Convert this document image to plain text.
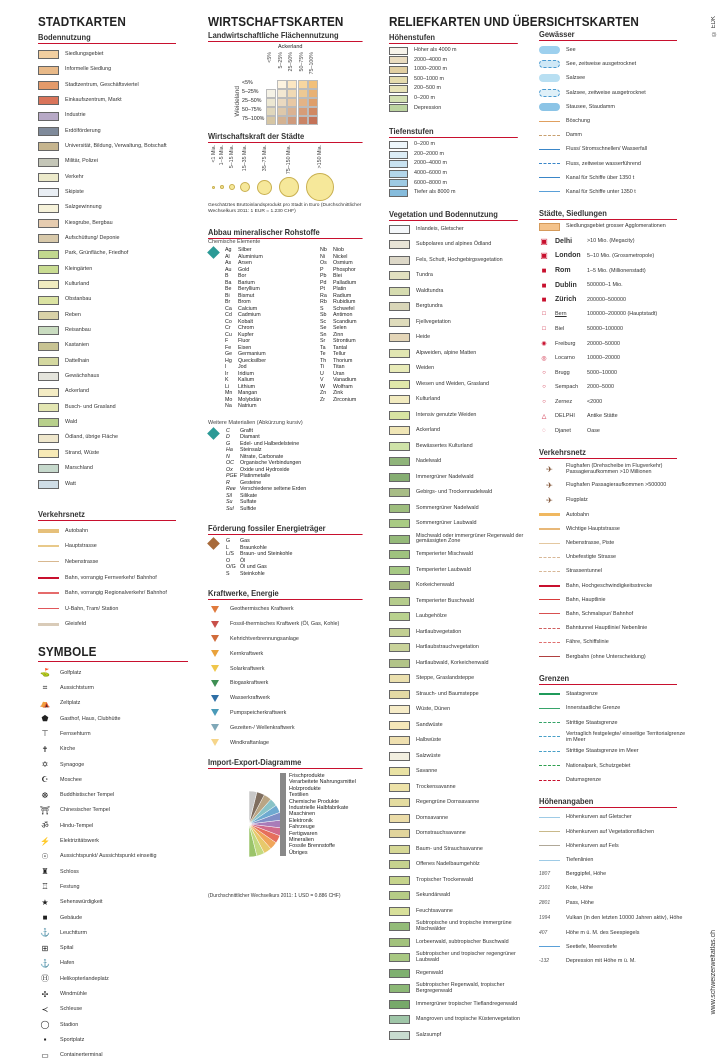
STADTKARTEN
Bodennutzung
Siedlungsgebiet
Informelle Siedlung
Stadtzentrum, Geschäftsviertel
Einkaufszentrum, Markt
Industrie
Erdölförderung
Universität, Bildung, Verwaltung, Botschaft
Militär, Polizei
Verkehr
Skipiste
Salzgewinnung
Kiesgrube, Bergbau
Aufschüttung/ Deponie
Park, Grünfläche, Friedhof
Kleingärten
Kulturland
Obstanbau
Reben
Reisanbau
Kastanien
Dattelhain
Gewächshaus
Ackerland
Busch- und Grasland
Wald
Ödland, übrige Fläche
Strand, Wüste
Marschland
Watt
Verkehrsnetz
Autobahn
Hauptstrasse
Nebenstrasse
Bahn, vorrangig Fernverkehr/ Bahnhof
Bahn, vorrangig Regionalverkehr/ Bahnhof
U-Bahn, Tram/ Station
Gleisfeld
SYMBOLE
⛳	Golfplatz
⌗	Aussichtsturm
⛺	Zeltplatz
⬟	Gasthof, Haus, Clubhütte
⊤	Fernsehturm
✝	Kirche
✡	Synagoge
☪	Moschee
☸	Buddhistischer Tempel
⛩	Chinesischer Tempel
ॐ	Hindu-Tempel
⚡	Elektrizitätswerk
☉	Aussichtspunkt/ Aussichtspunkt einseitig
♜	Schloss
♖	Festung
★	Sehenswürdigkeit
■	Gebäude
⚓	Leuchtturm
⊞	Spital
⚓	Hafen
Ⓗ	Helikopterlandeplatz
✣	Windmühle
≺	Schleuse
◯	Stadion
▪	Sportplatz
▭	Containerterminal
WIRTSCHAFTSKARTEN
Landwirtschaftliche Flächennutzung
Ackerland
<5% 5–25% 25–50% 50–75% 75–100%
Weideland
<5%
5–25%
25–50%
50–75%
75–100%
Wirtschaftskraft der Städte
<1 Mia. 1–5 Mia. 5–15 Mia. 15–35 Mia.	35–75 Mia.	75–150 Mia.	>150 Mia.
Geschätztes Bruttoinlandsprodukt pro Stadt in Euro (Durchschnittlicher Wechselkurs 2011: 1 EUR = 1.230 CHF)
Abbau mineralischer Rohstoffe
Chemische Elemente
Ag	Silber	Nb	Niob
Al	Aluminium	Ni	Nickel
As	Arsen	Os	Osmium
Au	Gold	P	Phosphor
B	Bor	Pb	Blei
Ba	Barium	Pd	Palladium
Be	Beryllium	Pt	Platin
Bi	Bismut	Ra	Radium
Br	Brom	Rb	Rubidium
Ca	Calcium	S	Schwefel
Cd	Cadmium	Sb	Antimon
Co	Kobalt	Sc	Scandium
Cr	Chrom	Se	Selen
Cu	Kupfer	Sn	Zinn
F	Fluor	Sr	Strontium
Fe	Eisen	Ta	Tantal
Ge	Germanium	Te	Tellur
Hg	Quecksilber	Th	Thorium
I	Jod	Ti	Titan
Ir	Iridium	U	Uran
K	Kalium	V	Vanadium
Li	Lithium	W	Wolfram
Mn	Mangan	Zn	Zink
Mo	Molybdän	Zr	Zirconium
Na	Natrium
Weitere Materialien (Abkürzung kursiv)
C	Grafit
D	Diamant
G	Edel- und Halbedelsteine
Ha	Steinsalz
N	Nitrate, Carbonate
OC	Organische Verbindungen
Ox	Oxide und Hydroxide
PGE Platinmetalle
R	Gesteine
Ree Verschiedene seltene Erden
Sil	Silikate
Su	Sulfate
Sul	Sulfide
Förderung fossiler Energieträger
G	Gas
L	Braunkohle
L/S	Braun- und Steinkohle
O	Öl
O/G Öl und Gas
S	Steinkohle
Kraftwerke, Energie
Geothermisches Kraftwerk
Fossil-thermisches Kraftwerk (Öl, Gas, Kohle)
Kehrichtverbrennungsanlage
Kernkraftwerk
Solarkraftwerk
Biogaskraftwerk
Wasserkraftwerk
Pumpspeicherkraftwerk
Gezeiten-/ Wellenkraftwerk
Windkraftanlage
Import-Export-Diagramme
Frischprodukte
Verarbeitete Nahrungsmittel
Holzprodukte
Textilien
Chemische Produkte
Industrielle Halbfabrikate
Maschinen
Elektronik
Fahrzeuge
Fertigwaren
Mineralien
Fossile Brennstoffe
Übriges
(Durchschnittlicher Wechselkurs 2011: 1 USD = 0.886 CHF)
RELIEFKARTEN UND ÜBERSICHTSKARTEN
Höhenstufen
Höher als 4000 m
2000–4000 m
1000–2000 m
500–1000 m
200–500 m
0–200 m
Depression
Tiefenstufen
0–200 m
200–2000 m
2000–4000 m
4000–6000 m
6000–8000 m
Tiefer als 8000 m
Vegetation und Bodennutzung
Inlandeis, Gletscher
Subpolares und alpines Ödland
Fels, Schutt, Hochgebirgsvegetation
Tundra
Waldtundra
Bergtundra
Fjellvegetation
Heide
Alpweiden, alpine Matten
Weiden
Wiesen und Weiden, Grasland
Kulturland
Intensiv genutzte Weiden
Ackerland
Bewässertes Kulturland
Nadelwald
Immergrüner Nadelwald
Gebirgs- und Trockennadelwald
Sommergrüner Nadelwald
Sommergrüner Laubwald
Mischwald oder immergrüner Regenwald der gemässigten Zone
Temperierter Mischwald
Temperierter Laubwald
Korkeichenwald
Temperierter Buschwald
Laubgehölze
Hartlaubvegetation
Hartlaubstrauchvegetation
Hartlaubwald, Korkeichenwald
Steppe, Graslandsteppe
Strauch- und Baumsteppe
Wüste, Dünen
Sandwüste
Halbwüste
Salzwüste
Savanne
Trockensavanne
Regengrüne Dornsavanne
Dornsavanne
Dornstrauchsavanne
Baum- und Strauchsavanne
Offenes Nadelbaumgehölz
Tropischer Trockenwald
Sekundärwald
Feuchtsavanne
Subtropische und tropische immergrüne Mischwälder
Lorbeerwald, subtropischer Buschwald
Subtropischer und tropischer regengrüner Laubwald
Regenwald
Subtropischer Regenwald, tropischer Bergregenwald
Immergrüner tropischer Tieflandregenwald
Mangroven und tropische Küstenvegetation
Salzsumpf
Gewässer
See
See, zeitweise ausgetrocknet
Salzsee
Salzsee, zeitweise ausgetrocknet
Stausee, Staudamm
Böschung
Damm
Fluss/ Stromschnellen/ Wasserfall
Fluss, zeitweise wasserführend
Kanal für Schiffe über 1350 t
Kanal für Schiffe unter 1350 t
Städte, Siedlungen
Siedlungsgebiet grosser Agglomerationen
▣ Delhi	>10 Mio. (Megacity)
▣ London	5–10 Mio. (Grossmetropole)
■	Rom	1–5 Mio. (Millionenstadt)
■	Dublin	500000–1 Mio.
■	Zürich	200000–500000
□	Bern	100000–200000 (Hauptstadt)
□	Biel	50000–100000
◉	Freiburg	20000–50000
◎	Locarno	10000–20000
○	Brugg	5000–10000
○	Sempach	2000–5000
○	Zernez	<2000
△	DELPHI	Antike Stätte
◌	Djanet	Oase
Verkehrsnetz
✈	Flughafen (Drehscheibe im Flugverkehr) Passagieraufkommen >10 Millionen
✈	Flughafen Passagieraufkommen >500000
✈	Flugplatz
Autobahn
Wichtige Hauptstrasse
Nebenstrasse, Piste
Unbefestigte Strasse
Strassentunnel
Bahn, Hochgeschwindigkeitsstrecke
Bahn, Hauptlinie
Bahn, Schmalspur/ Bahnhof
Bahntunnel Hauptlinie/ Nebenlinie
Fähre, Schiffslinie
Bergbahn (ohne Unterscheidung)
Grenzen
Staatsgrenze
Innerstaatliche Grenze
Strittige Staatsgrenze
Vertraglich festgelegte/ einseitige Territorialgrenze im Meer
Strittige Staatsgrenze im Meer
Nationalpark, Schutzgebiet
Datumsgrenze
Höhenangaben
Höhenkurven auf Gletscher
Höhenkurven auf Vegetationsflächen
Höhenkurven auf Fels
Tiefenlinien
1807	Berggipfel, Höhe
2101	Kote, Höhe
2801	Pass, Höhe
1994	Vulkan (in den letzten 10000 Jahren aktiv), Höhe
407	Höhe m ü. M. des Seespiegels
Seetiefe, Meerestiefe
-132	Depression mit Höhe m ü. M.
© EDK
www.schweizerweltatlas.ch
